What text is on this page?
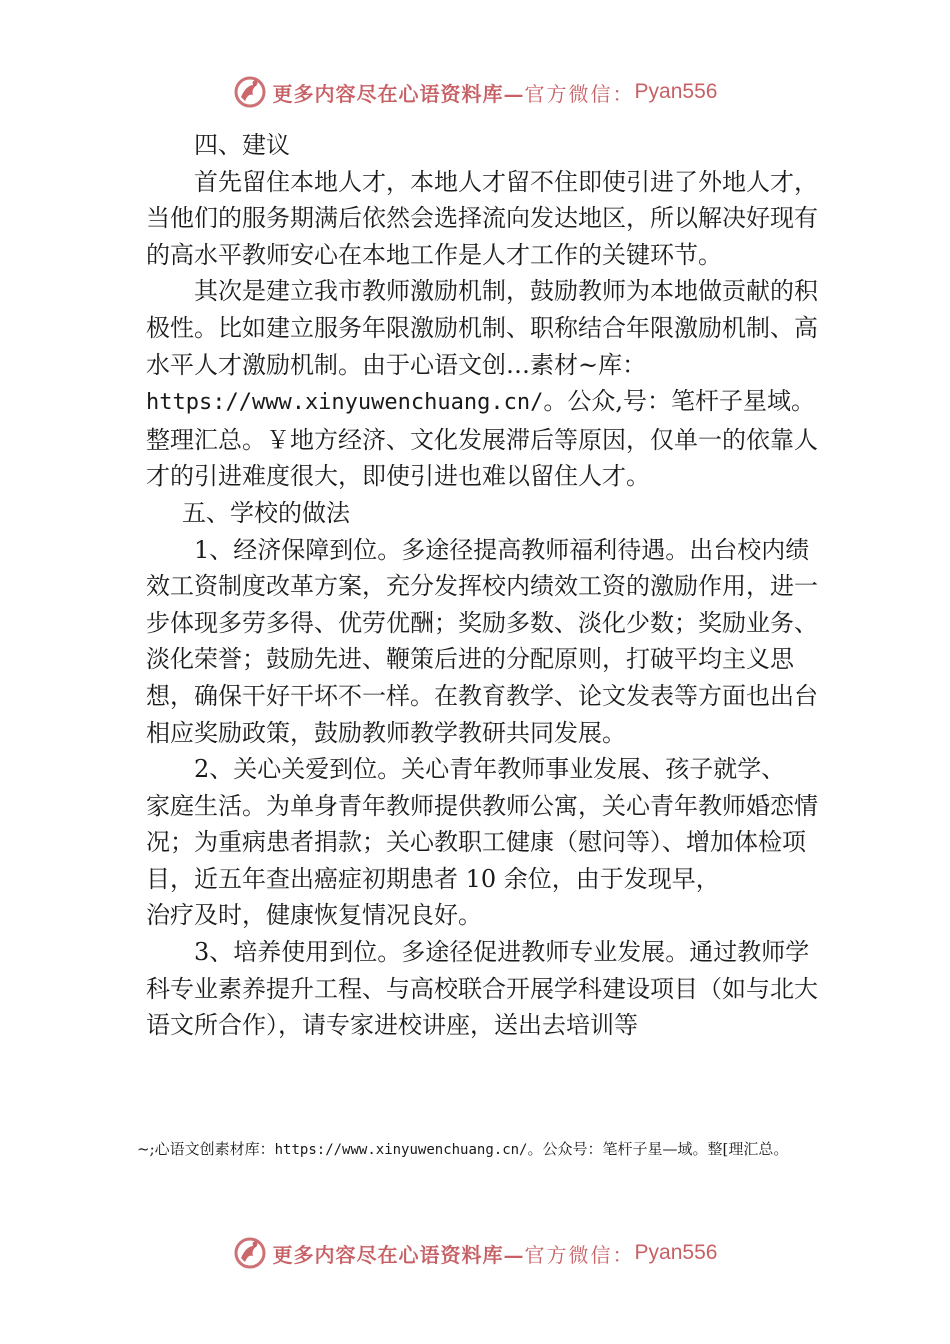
更多内容尽在心语资料库— 官方微信： Pyan556

四、建议

首先留住本地人才，本地人才留不住即使引进了外地人才，当他们的服务期满后依然会选择流向发达地区，所以解决好现有的高水平教师安心在本地工作是人才工作的关键环节。

其次是建立我市教师激励机制，鼓励教师为本地做贡献的积极性。比如建立服务年限激励机制、职称结合年限激励机制、高水平人才激励机制。由于心语文创…素材~库：https://www.xinyuwenchuang.cn/。公众,号：笔杆子星域。整理汇总。￥地方经济、文化发展滞后等原因，仅单一的依靠人才的引进难度很大，即使引进也难以留住人才。

五、学校的做法

1、经济保障到位。多途径提高教师福利待遇。出台校内绩效工资制度改革方案，充分发挥校内绩效工资的激励作用，进一步体现多劳多得、优劳优酬；奖励多数、淡化少数；奖励业务、淡化荣誉；鼓励先进、鞭策后进的分配原则，打破平均主义思想，确保干好干坏不一样。在教育教学、论文发表等方面也出台相应奖励政策，鼓励教师教学教研共同发展。

2、关心关爱到位。关心青年教师事业发展、孩子就学、

家庭生活。为单身青年教师提供教师公寓，关心青年教师婚恋情况；为重病患者捐款；关心教职工健康（慰问等）、增加体检项目，近五年查出癌症初期患者 10 余位，由于发现早，

治疗及时，健康恢复情况良好。

3、培养使用到位。多途径促进教师专业发展。通过教师学科专业素养提升工程、与高校联合开展学科建设项目（如与北大语文所合作），请专家进校讲座，送出去培训等

~;心语文创素材库：https://www.xinyuwenchuang.cn/。公众号：笔杆子星—域。整[理汇总。
更多内容尽在心语资料库— 官方微信： Pyan556
